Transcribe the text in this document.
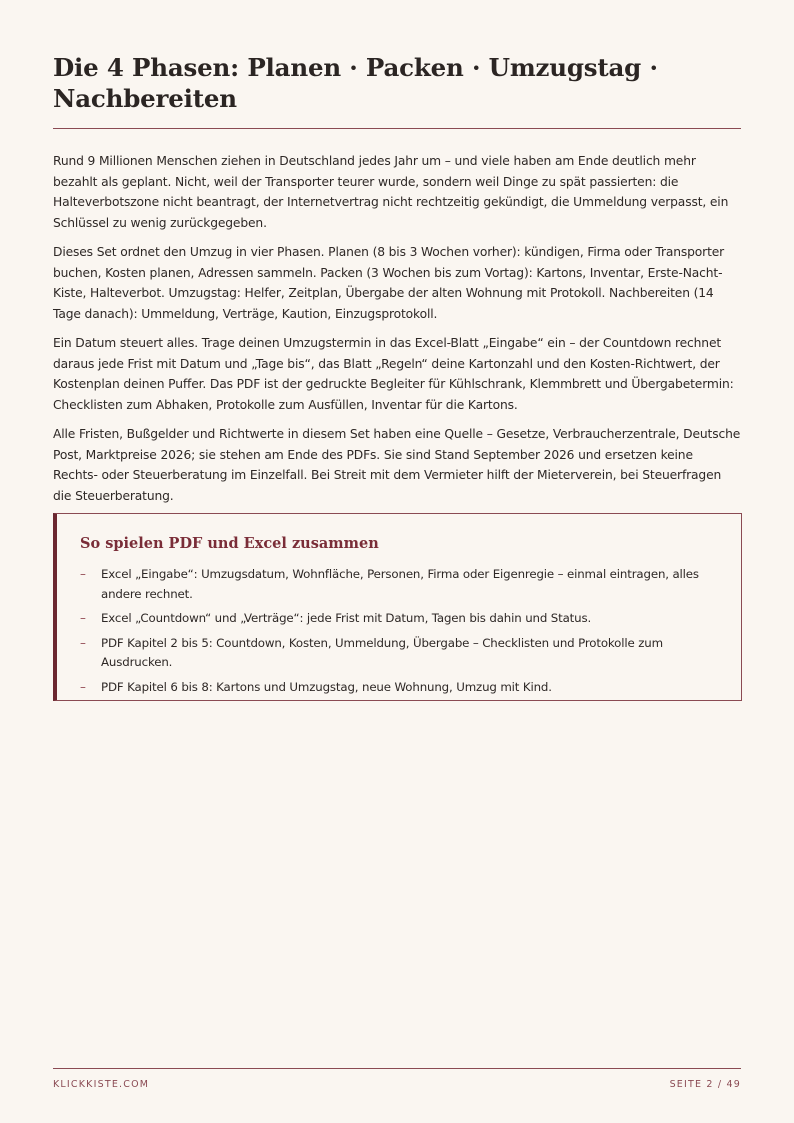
Die 4 Phasen: Planen · Packen · Umzugstag · Nachbereiten

Rund 9 Millionen Menschen ziehen in Deutschland jedes Jahr um – und viele haben am Ende deutlich mehr bezahlt als geplant. Nicht, weil der Transporter teurer wurde, sondern weil Dinge zu spät passierten: die Halteverbotszone nicht beantragt, der Internetvertrag nicht rechtzeitig gekündigt, die Ummeldung verpasst, ein Schlüssel zu wenig zurückgegeben.

Dieses Set ordnet den Umzug in vier Phasen. Planen (8 bis 3 Wochen vorher): kündigen, Firma oder Transporter buchen, Kosten planen, Adressen sammeln. Packen (3 Wochen bis zum Vortag): Kartons, Inventar, Erste-Nacht-Kiste, Halteverbot. Umzugstag: Helfer, Zeitplan, Übergabe der alten Wohnung mit Protokoll. Nachbereiten (14 Tage danach): Ummeldung, Verträge, Kaution, Einzugsprotokoll.

Ein Datum steuert alles. Trage deinen Umzugstermin in das Excel-Blatt „Eingabe“ ein – der Countdown rechnet daraus jede Frist mit Datum und „Tage bis“, das Blatt „Regeln“ deine Kartonzahl und den Kosten-Richtwert, der Kostenplan deinen Puffer. Das PDF ist der gedruckte Begleiter für Kühlschrank, Klemmbrett und Übergabetermin: Checklisten zum Abhaken, Protokolle zum Ausfüllen, Inventar für die Kartons.

Alle Fristen, Bußgelder und Richtwerte in diesem Set haben eine Quelle – Gesetze, Verbraucherzentrale, Deutsche Post, Marktpreise 2026; sie stehen am Ende des PDFs. Sie sind Stand September 2026 und ersetzen keine Rechts- oder Steuerberatung im Einzelfall. Bei Streit mit dem Vermieter hilft der Mieterverein, bei Steuerfragen die Steuerberatung.

So spielen PDF und Excel zusammen
– Excel „Eingabe“: Umzugsdatum, Wohnfläche, Personen, Firma oder Eigenregie – einmal eintragen, alles andere rechnet.
– Excel „Countdown“ und „Verträge“: jede Frist mit Datum, Tagen bis dahin und Status.
– PDF Kapitel 2 bis 5: Countdown, Kosten, Ummeldung, Übergabe – Checklisten und Protokolle zum Ausdrucken.
– PDF Kapitel 6 bis 8: Kartons und Umzugstag, neue Wohnung, Umzug mit Kind.
KLICKKISTE.COM	SEITE 2 / 49
